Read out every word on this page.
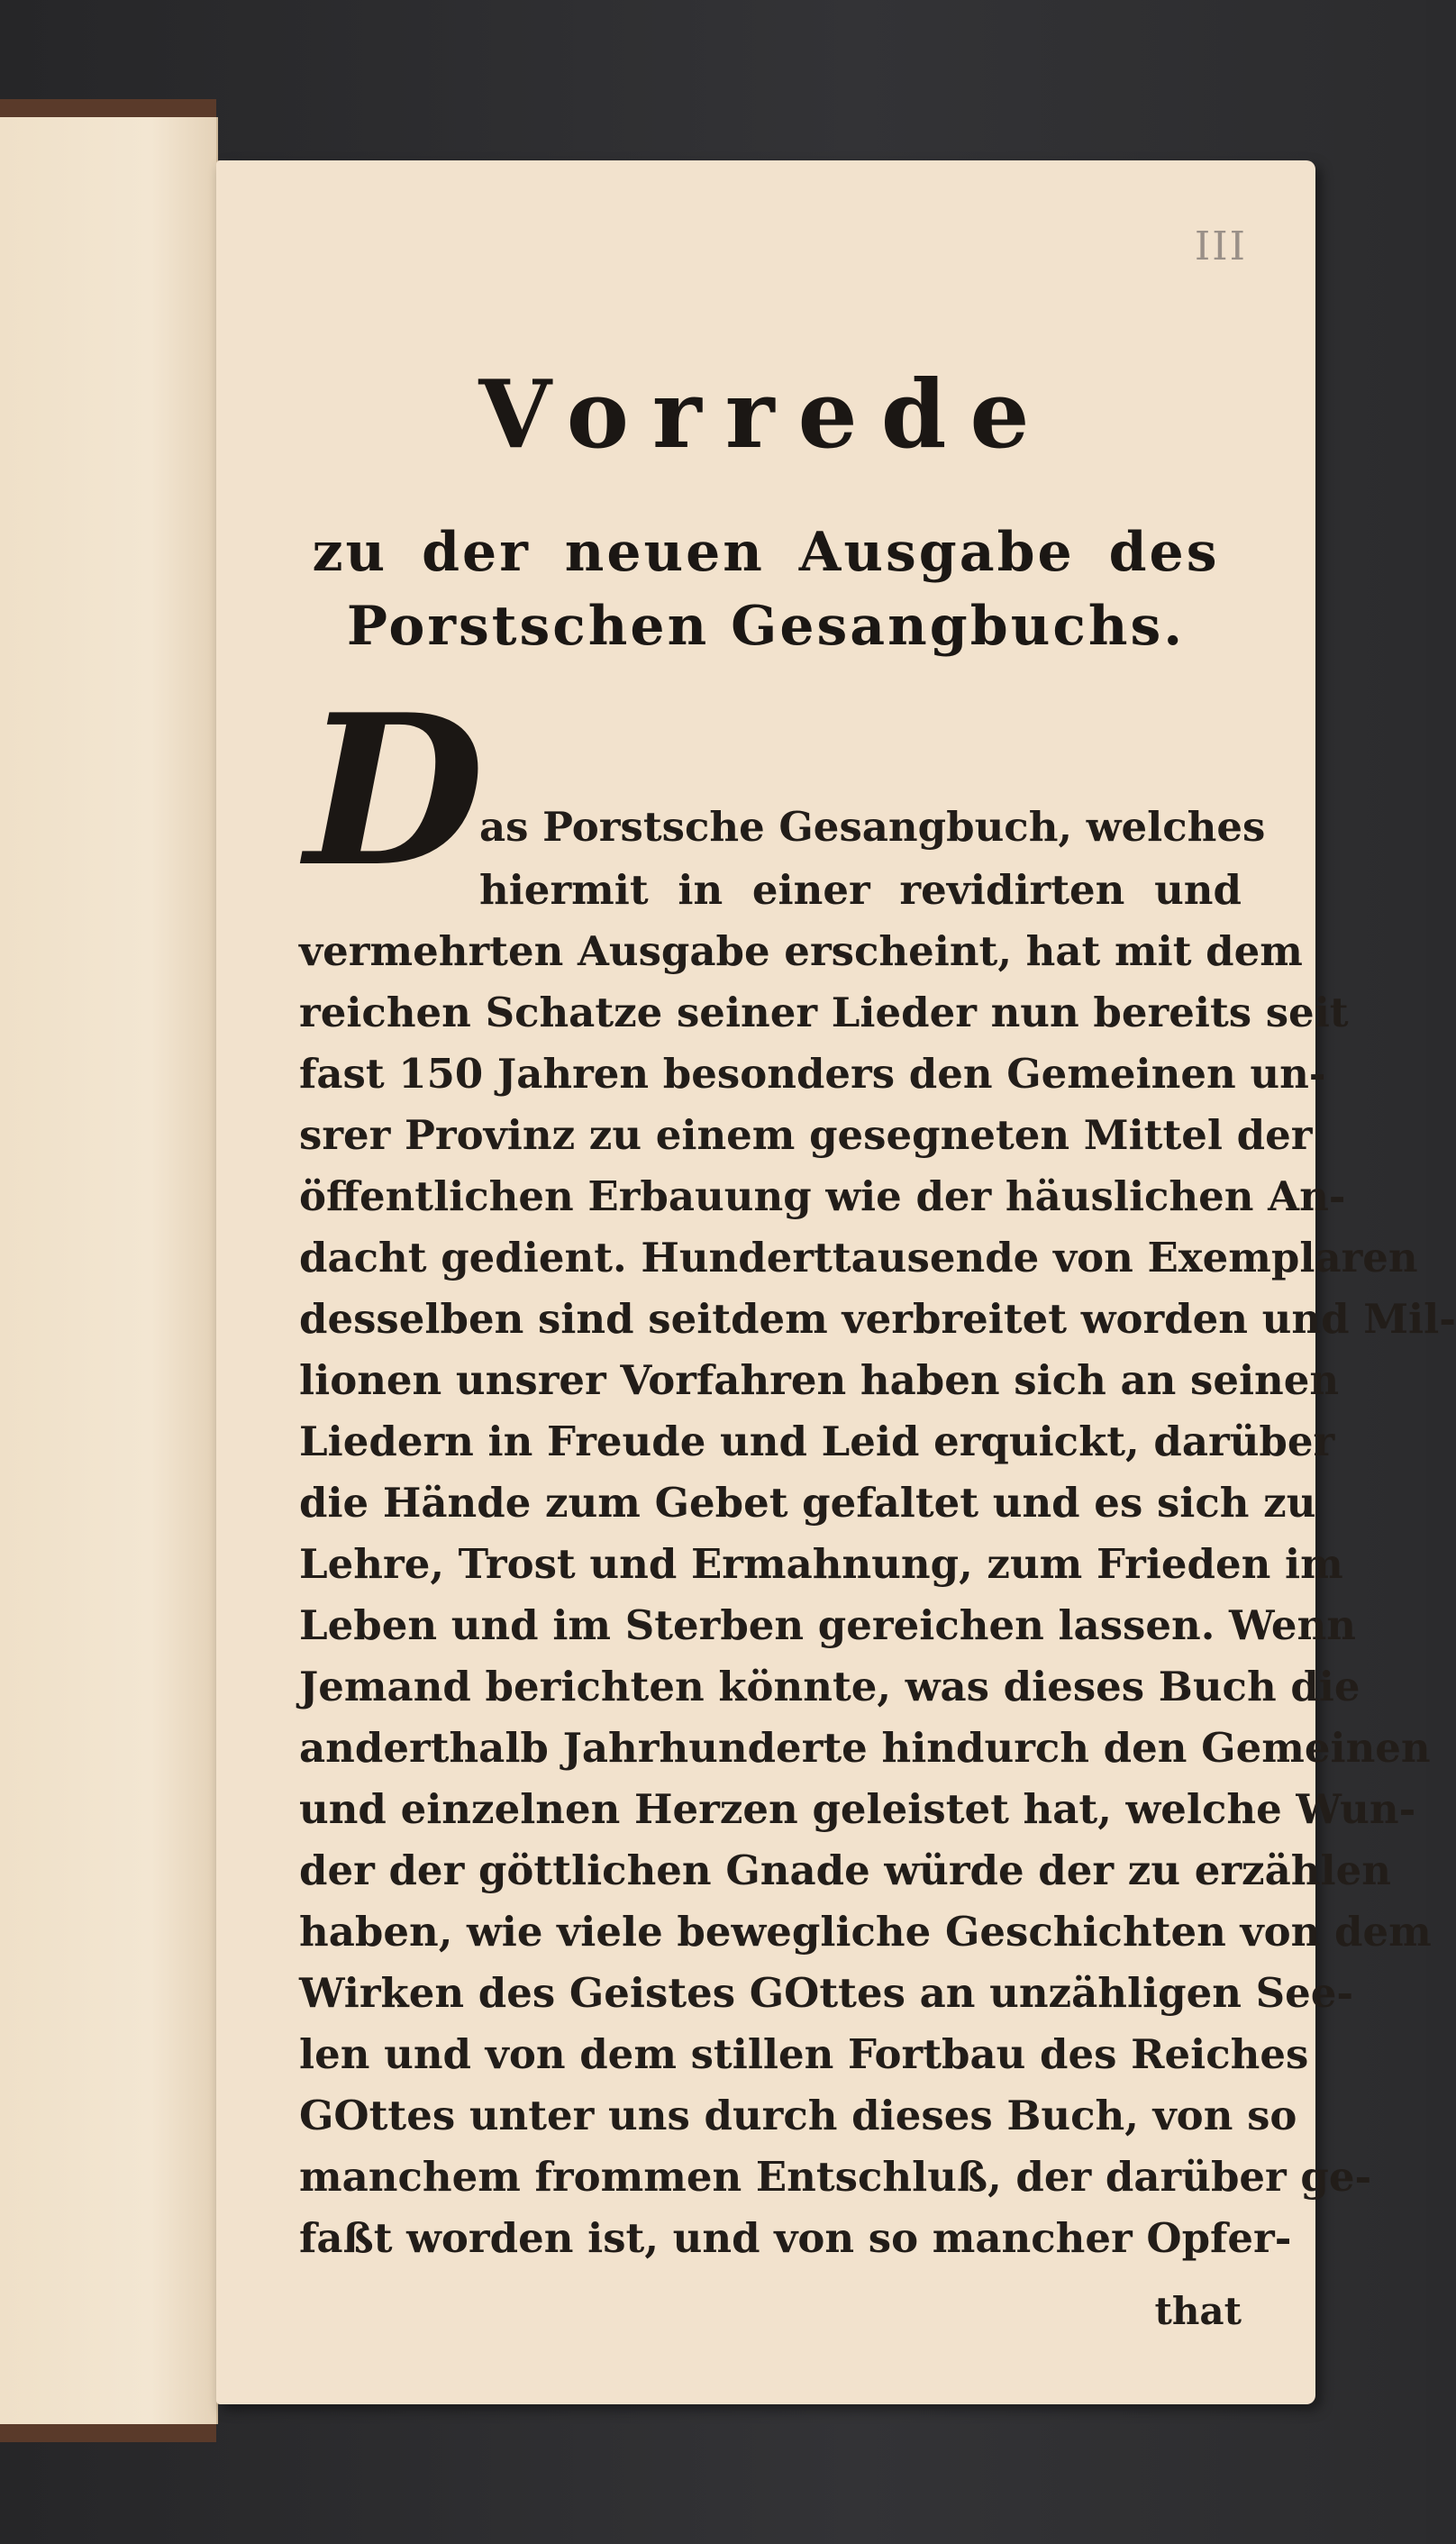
III
Vorrede
zu der neuen Ausgabe des
Porstschen Gesangbuchs.
D
as Porstsche Gesangbuch, welches
hiermit in einer revidirten und
vermehrten Ausgabe erscheint, hat mit dem
reichen Schatze seiner Lieder nun bereits seit
fast 150 Jahren besonders den Gemeinen un-
srer Provinz zu einem gesegneten Mittel der
öffentlichen Erbauung wie der häuslichen An-
dacht gedient. Hunderttausende von Exemplaren
desselben sind seitdem verbreitet worden und Mil-
lionen unsrer Vorfahren haben sich an seinen
Liedern in Freude und Leid erquickt, darüber
die Hände zum Gebet gefaltet und es sich zu
Lehre, Trost und Ermahnung, zum Frieden im
Leben und im Sterben gereichen lassen. Wenn
Jemand berichten könnte, was dieses Buch die
anderthalb Jahrhunderte hindurch den Gemeinen
und einzelnen Herzen geleistet hat, welche Wun-
der der göttlichen Gnade würde der zu erzählen
haben, wie viele bewegliche Geschichten von dem
Wirken des Geistes GOttes an unzähligen See-
len und von dem stillen Fortbau des Reiches
GOttes unter uns durch dieses Buch, von so
manchem frommen Entschluß, der darüber ge-
faßt worden ist, und von so mancher Opfer-
that
